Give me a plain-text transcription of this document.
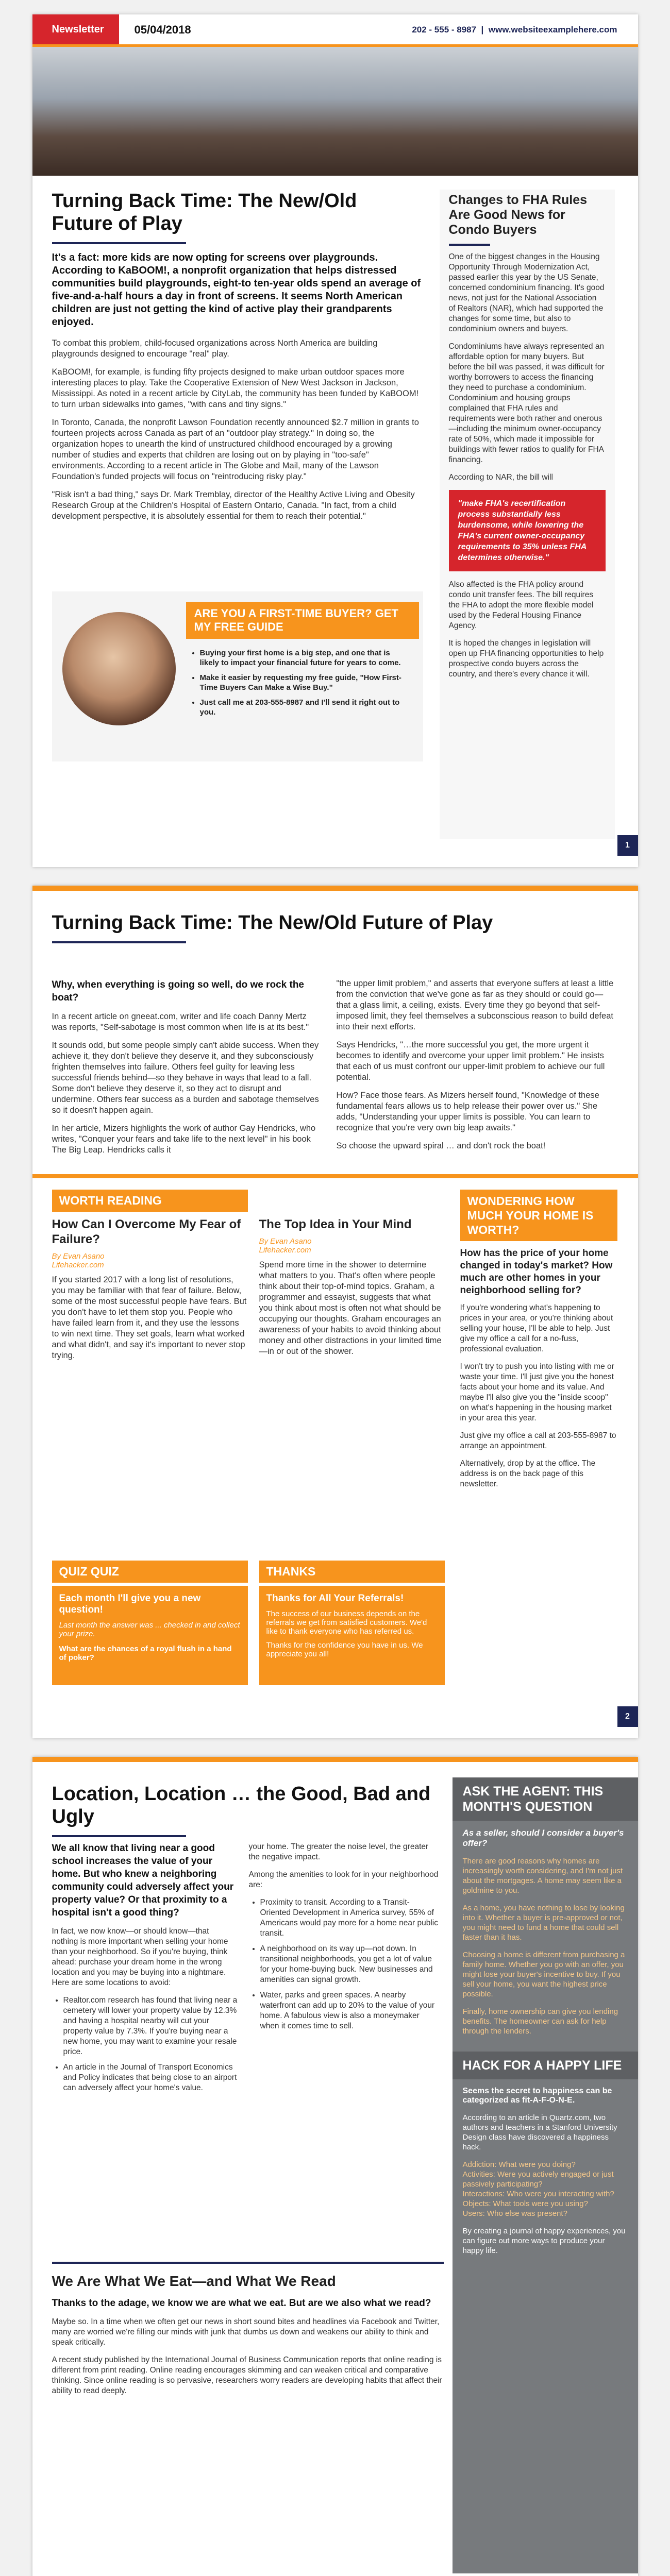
Newsletter	05/04/2018	202 - 555 - 8987  |  www.websiteexamplehere.com
Turning Back Time: The New/Old Future of Play
It's a fact: more kids are now opting for screens over playgrounds. According to KaBOOM!, a nonprofit organization that helps distressed communities build playgrounds, eight-to ten-year olds spend an average of five-and-a-half hours a day in front of screens. It seems North American children are just not getting the kind of active play their grandparents enjoyed.

To combat this problem, child-focused organizations across North America are building playgrounds designed to encourage "real" play.

KaBOOM!, for example, is funding fifty projects designed to make urban outdoor spaces more interesting places to play. Take the Cooperative Extension of New West Jackson in Jackson, Mississippi. As noted in a recent article by CityLab, the community has been funded by KaBOOM! to turn urban sidewalks into games, "with cans and tiny signs."

In Toronto, Canada, the nonprofit Lawson Foundation recently announced $2.7 million in grants to fourteen projects across Canada as part of an "outdoor play strategy." In doing so, the organization hopes to unearth the kind of unstructured childhood encouraged by a growing number of studies and experts that children are losing out on by playing in "too-safe" environments. According to a recent article in The Globe and Mail, many of the Lawson Foundation's funded projects will focus on "reintroducing risky play."

"Risk isn't a bad thing," says Dr. Mark Tremblay, director of the Healthy Active Living and Obesity Research Group at the Children's Hospital of Eastern Ontario, Canada. "In fact, from a child development perspective, it is absolutely essential for them to reach their potential."

ARE YOU A FIRST-TIME BUYER? GET MY FREE GUIDE
• Buying your first home is a big step, and one that is likely to impact your financial future for years to come.
• Make it easier by requesting my free guide, "How First-Time Buyers Can Make a Wise Buy."
• Just call me at 203-555-8987 and I'll send it right out to you.
Changes to FHA Rules Are Good News for Condo Buyers

One of the biggest changes in the Housing Opportunity Through Modernization Act, passed earlier this year by the US Senate, concerned condominium financing. It's good news, not just for the National Association of Realtors (NAR), which had supported the changes for some time, but also to condominium owners and buyers.

Condominiums have always represented an affordable option for many buyers. But before the bill was passed, it was difficult for worthy borrowers to access the financing they need to purchase a condominium. Condominium and housing groups complained that FHA rules and requirements were both rather and onerous—including the minimum owner-occupancy rate of 50%, which made it impossible for buildings with fewer ratios to qualify for FHA financing.

According to NAR, the bill will

"make FHA's recertification process substantially less burdensome, while lowering the FHA's current owner-occupancy requirements to 35% unless FHA determines otherwise."

Also affected is the FHA policy around condo unit transfer fees. The bill requires the FHA to adopt the more flexible model used by the Federal Housing Finance Agency.

It is hoped the changes in legislation will open up FHA financing opportunities to help prospective condo buyers across the country, and there's every chance it will.

1
Turning Back Time: The New/Old Future of Play
Why, when everything is going so well, do we rock the boat?

In a recent article on gneeat.com, writer and life coach Danny Mertz was reports, "Self-sabotage is most common when life is at its best."

It sounds odd, but some people simply can't abide success. When they achieve it, they don't believe they deserve it, and they subconsciously frighten themselves into failure. Others feel guilty for leaving less successful friends behind—so they behave in ways that lead to a fall. Some don't believe they deserve it, so they act to disrupt and undermine. Others fear success as a burden and sabotage themselves so it doesn't happen again.

In her article, Mizers highlights the work of author Gay Hendricks, who writes, "Conquer your fears and take life to the next level" in his book The Big Leap. Hendricks calls it

"the upper limit problem," and asserts that everyone suffers at least a little from the conviction that we've gone as far as they should or could go—that a glass limit, a ceiling, exists. Every time they go beyond that self-imposed limit, they feel themselves a subconscious reason to build defeat into their next efforts.

Says Hendricks, "…the more successful you get, the more urgent it becomes to identify and overcome your upper limit problem." He insists that each of us must confront our upper-limit problem to achieve our full potential.

How? Face those fears. As Mizers herself found, "Knowledge of these fundamental fears allows us to help release their power over us." She adds, "Understanding your upper limits is possible. You can learn to recognize that you're very own big leap awaits."

So choose the upward spiral … and don't rock the boat!

WORTH READING
How Can I Overcome My Fear of Failure?
By Evan Asano
Lifehacker.com
If you started 2017 with a long list of resolutions, you may be familiar with that fear of failure. Below, some of the most successful people have fears. But you don't have to let them stop you. People who have failed learn from it, and they use the lessons to win next time. They set goals, learn what worked and what didn't, and say it's important to never stop trying.
The Top Idea in Your Mind
By Evan Asano
Lifehacker.com
Spend more time in the shower to determine what matters to you. That's often where people think about their top-of-mind topics. Graham, a programmer and essayist, suggests that what you think about most is often not what should be occupying our thoughts. Graham encourages an awareness of your habits to avoid thinking about money and other distractions in your limited time—in or out of the shower.
WONDERING HOW MUCH YOUR HOME IS WORTH?
How has the price of your home changed in today's market? How much are other homes in your neighborhood selling for?

If you're wondering what's happening to prices in your area, or you're thinking about selling your house, I'll be able to help. Just give my office a call for a no-fuss, professional evaluation.

I won't try to push you into listing with me or waste your time. I'll just give you the honest facts about your home and its value. And maybe I'll also give you the "inside scoop" on what's happening in the housing market in your area this year.

Just give my office a call at 203-555-8987 to arrange an appointment.

Alternatively, drop by at the office. The address is on the back page of this newsletter.

QUIZ QUIZ
Each month I'll give you a new question!
Last month the answer was ... checked in and collect your prize.
What are the chances of a royal flush in a hand of poker?
THANKS
Thanks for All Your Referrals!
The success of our business depends on the referrals we get from satisfied customers. We'd like to thank everyone who has referred us.
Thanks for the confidence you have in us. We appreciate you all!
2
Location, Location … the Good, Bad and Ugly
We all know that living near a good school increases the value of your home. But who knew a neighboring community could adversely affect your property value? Or that proximity to a hospital isn't a good thing?

In fact, we now know—or should know—that nothing is more important when selling your home than your neighborhood. So if you're buying, think ahead: purchase your dream home in the wrong location and you may be buying into a nightmare. Here are some locations to avoid:

• Realtor.com research has found that living near a cemetery will lower your property value by 12.3% and having a hospital nearby will cut your property value by 7.3%. If you're buying near a new home, you may want to examine your resale price.
• An article in the Journal of Transport Economics and Policy indicates that being close to an airport can adversely affect your home's value.

your home. The greater the noise level, the greater the negative impact.

Among the amenities to look for in your neighborhood are:

• Proximity to transit. According to a Transit-Oriented Development in America survey, 55% of Americans would pay more for a home near public transit.
• A neighborhood on its way up—not down. In transitional neighborhoods, you get a lot of value for your home-buying buck. New businesses and amenities can signal growth.
• Water, parks and green spaces. A nearby waterfront can add up to 20% to the value of your home. A fabulous view is also a moneymaker when it comes time to sell.
ASK THE AGENT: THIS MONTH'S QUESTION
As a seller, should I consider a buyer's offer?

There are good reasons why homes are increasingly worth considering, and I'm not just about the mortgages. A home may seem like a goldmine to you.

As a home, you have nothing to lose by looking into it. Whether a buyer is pre-approved or not, you might need to fund a home that could sell faster than it has.

Choosing a home is different from purchasing a family home. Whether you go with an offer, you might lose your buyer's incentive to buy. If you sell your home, you want the highest price possible.

Finally, home ownership can give you lending benefits. The homeowner can ask for help through the lenders.

HACK FOR A HAPPY LIFE
Seems the secret to happiness can be categorized as fit-A-F-O-N-E.

According to an article in Quartz.com, two authors and teachers in a Stanford University Design class have discovered a happiness hack.

Addiction: What were you doing?
Activities: Were you actively engaged or just passively participating?
Interactions: Who were you interacting with?
Objects: What tools were you using?
Users: Who else was present?

By creating a journal of happy experiences, you can figure out more ways to produce your happy life.

We Are What We Eat—and What We Read
Thanks to the adage, we know we are what we eat. But are we also what we read?

Maybe so. In a time when we often get our news in short sound bites and headlines via Facebook and Twitter, many are worried we're filling our minds with junk that dumbs us down and weakens our ability to think and speak critically.

A recent study published by the International Journal of Business Communication reports that online reading is different from print reading. Online reading encourages skimming and can weaken critical and comparative thinking. Since online reading is so pervasive, researchers worry readers are developing habits that affect their ability to read deeply.
